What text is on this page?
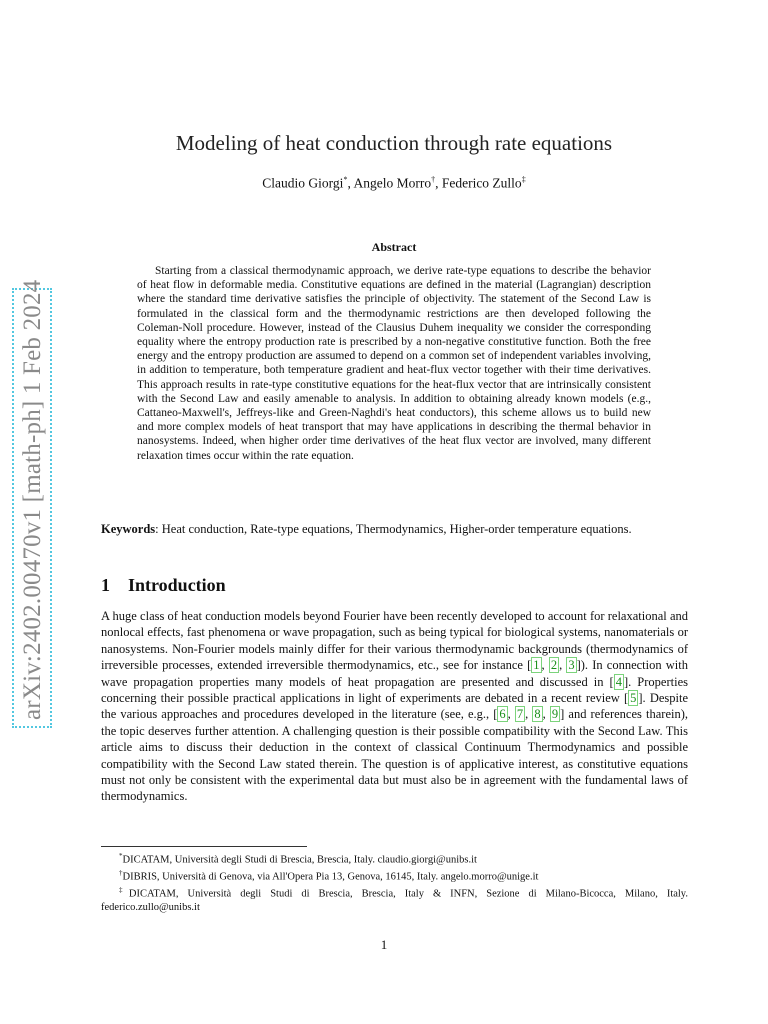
arXiv:2402.00470v1 [math-ph] 1 Feb 2024
Modeling of heat conduction through rate equations
Claudio Giorgi*, Angelo Morro†, Federico Zullo‡
Abstract

Starting from a classical thermodynamic approach, we derive rate-type equations to describe the behavior of heat flow in deformable media. Constitutive equations are defined in the material (Lagrangian) description where the standard time derivative satisfies the principle of objectivity. The statement of the Second Law is formulated in the classical form and the thermodynamic restrictions are then developed following the Coleman-Noll procedure. However, instead of the Clausius Duhem inequality we consider the corresponding equality where the entropy production rate is prescribed by a non-negative constitutive function. Both the free energy and the entropy production are assumed to depend on a common set of independent variables involving, in addition to temperature, both temperature gradient and heat-flux vector together with their time derivatives. This approach results in rate-type constitutive equations for the heat-flux vector that are intrinsically consistent with the Second Law and easily amenable to analysis. In addition to obtaining already known models (e.g., Cattaneo-Maxwell's, Jeffreys-like and Green-Naghdi's heat conductors), this scheme allows us to build new and more complex models of heat transport that may have applications in describing the thermal behavior in nanosystems. Indeed, when higher order time derivatives of the heat flux vector are involved, many different relaxation times occur within the rate equation.

Keywords: Heat conduction, Rate-type equations, Thermodynamics, Higher-order temperature equations.

1 Introduction

A huge class of heat conduction models beyond Fourier have been recently developed to account for relaxational and nonlocal effects, fast phenomena or wave propagation, such as being typical for biological systems, nanomaterials or nanosystems. Non-Fourier models mainly differ for their various thermodynamic backgrounds (thermodynamics of irreversible processes, extended irreversible thermodynamics, etc., see for instance [ 1 , 2 , 3 ]). In connection with wave propagation properties many models of heat propagation are presented and discussed in [ 4 ]. Properties concerning their possible practical applications in light of experiments are debated in a recent review [ 5 ]. Despite the various approaches and procedures developed in the literature (see, e.g., [ 6 , 7 , 8 , 9 ] and references tharein), the topic deserves further attention. A challenging question is their possible compatibility with the Second Law. This article aims to discuss their deduction in the context of classical Continuum Thermodynamics and possible compatibility with the Second Law stated therein. The question is of applicative interest, as constitutive equations must not only be consistent with the experimental data but must also be in agreement with the fundamental laws of thermodynamics.

*DICATAM, Università degli Studi di Brescia, Brescia, Italy. claudio.giorgi@unibs.it

†DIBRIS, Università di Genova, via All'Opera Pia 13, Genova, 16145, Italy. angelo.morro@unige.it

‡DICATAM, Università degli Studi di Brescia, Brescia, Italy & INFN, Sezione di Milano-Bicocca, Milano, Italy. federico.zullo@unibs.it

1
